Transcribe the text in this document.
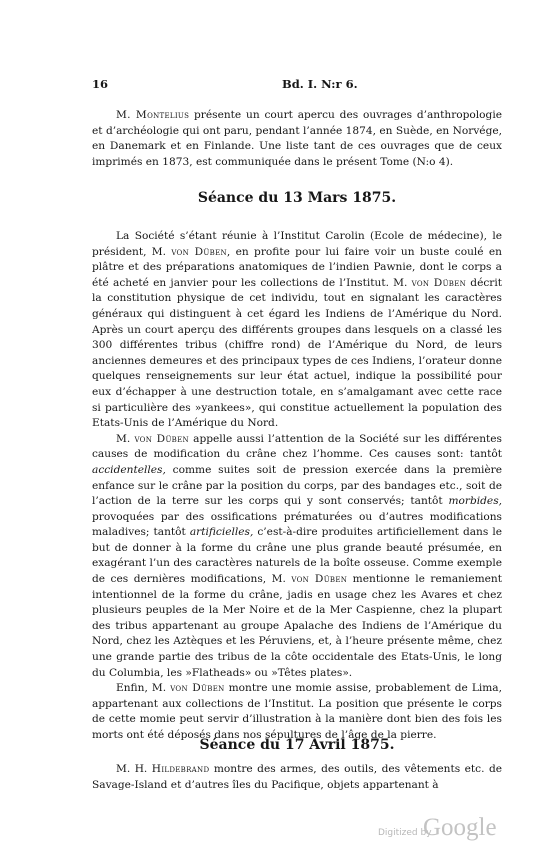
16	Bd. I. N:r 6.

M. Montelius présente un court apercu des ouvrages d’anthropologie et d’archéologie qui ont paru, pendant l’année 1874, en Suède, en Norvége, en Danemark et en Finlande. Une liste tant de ces ouvrages que de ceux imprimés en 1873, est communiquée dans le présent Tome (N:o 4).

Séance du 13 Mars 1875.

La Société s’étant réunie à l’Institut Carolin (Ecole de médecine), le président, M. von Düben, en profite pour lui faire voir un buste coulé en plâtre et des préparations anatomiques de l’indien Pawnie, dont le corps a été acheté en janvier pour les collections de l’Institut. M. von Düben décrit la constitution physique de cet individu, tout en signalant les caractères généraux qui distinguent à cet égard les Indiens de l’Amérique du Nord. Après un court aperçu des différents groupes dans lesquels on a classé les 300 différentes tribus (chiffre rond) de l’Amérique du Nord, de leurs anciennes demeures et des principaux types de ces Indiens, l’orateur donne quelques renseignements sur leur état actuel, indique la possibilité pour eux d’échapper à une destruction totale, en s’amalgamant avec cette race si particulière des »yankees», qui constitue actuellement la population des Etats-Unis de l’Amérique du Nord.

M. von Düben appelle aussi l’attention de la Société sur les différentes causes de modification du crâne chez l’homme. Ces causes sont: tantôt accidentelles, comme suites soit de pression exercée dans la première enfance sur le crâne par la position du corps, par des bandages etc., soit de l’action de la terre sur les corps qui y sont conservés; tantôt morbides, provoquées par des ossifications prématurées ou d’autres modifications maladives; tantôt artificielles, c’est-à-dire produites artificiellement dans le but de donner à la forme du crâne une plus grande beauté présumée, en exagérant l’un des caractères naturels de la boîte osseuse. Comme exemple de ces dernières modifications, M. von Düben mentionne le remaniement intentionnel de la forme du crâne, jadis en usage chez les Avares et chez plusieurs peuples de la Mer Noire et de la Mer Caspienne, chez la plupart des tribus appartenant au groupe Apalache des Indiens de l’Amérique du Nord, chez les Aztèques et les Péruviens, et, à l’heure présente même, chez une grande partie des tribus de la côte occidentale des Etats-Unis, le long du Columbia, les »Flatheads» ou »Têtes plates».

Enfin, M. von Düben montre une momie assise, probablement de Lima, appartenant aux collections de l’Institut. La position que présente le corps de cette momie peut servir d’illustration à la manière dont bien des fois les morts ont été déposés dans nos sépultures de l’âge de la pierre.

Séance du 17 Avril 1875.

M. H. Hildebrand montre des armes, des outils, des vêtements etc. de Savage-Island et d’autres îles du Pacifique, objets appartenant à

Digitized by
Google
